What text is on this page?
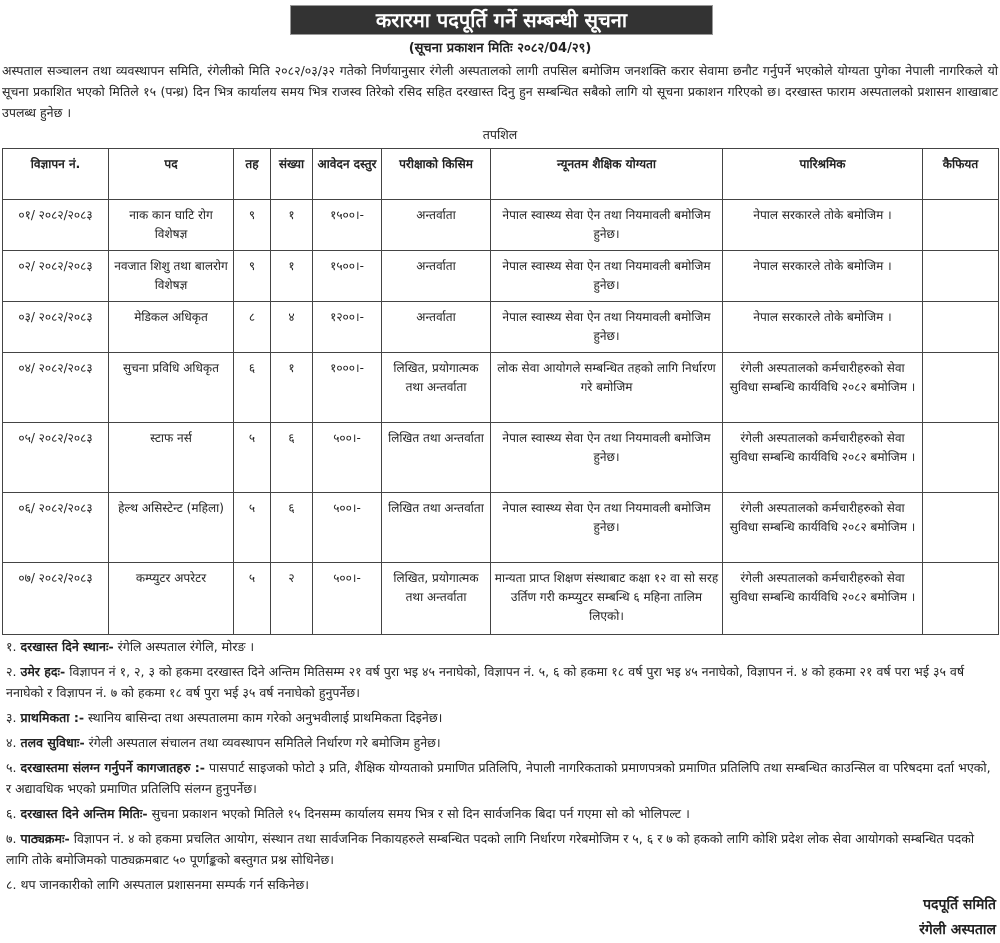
करारमा पदपूर्ति गर्ने सम्बन्धी सूचना
(सूचना प्रकाशन मितिः २०८२/04/२९)
अस्पताल सञ्चालन तथा व्यवस्थापन समिति, रंगेलीको मिति २०८२/०३/३२ गतेको निर्णयानुसार रंगेली अस्पतालको लागी तपसिल बमोजिम जनशक्ति करार सेवामा छनौट गर्नुपर्ने भएकोले योग्यता पुगेका नेपाली नागरिकले यो सूचना प्रकाशित भएको मितिले १५ (पन्ध्र) दिन भित्र कार्यालय समय भित्र राजस्व तिरेको रसिद सहित दरखास्त दिनु हुन सम्बन्धित सबैको लागि यो सूचना प्रकाशन गरिएको छ। दरखास्त फाराम अस्पतालको प्रशासन शाखाबाट उपलब्ध हुनेछ ।
तपशिल
विज्ञापन नं.	पद	तह	संख्या	आवेदन दस्तुर	परीक्षाको किसिम	न्यूनतम शैक्षिक योग्यता	पारिश्रमिक	कैफियत
०१/ २०८२/२०८३	नाक कान घाटि रोग विशेषज्ञ	९	१	१५००।-	अन्तर्वाता	नेपाल स्वास्थ्य सेवा ऐन तथा नियमावली बमोजिम हुनेछ।	नेपाल सरकारले तोके बमोजिम ।	
०२/ २०८२/२०८३	नवजात शिशु तथा बालरोग विशेषज्ञ	९	१	१५००।-	अन्तर्वाता	नेपाल स्वास्थ्य सेवा ऐन तथा नियमावली बमोजिम हुनेछ।	नेपाल सरकारले तोके बमोजिम ।	
०३/ २०८२/२०८३	मेडिकल अधिकृत	८	४	१२००।-	अन्तर्वाता	नेपाल स्वास्थ्य सेवा ऐन तथा नियमावली बमोजिम हुनेछ।	नेपाल सरकारले तोके बमोजिम ।	
०४/ २०८२/२०८३	सुचना प्रविधि अधिकृत	६	१	१०००।-	लिखित, प्रयोगात्मक तथा अन्तर्वाता	लोक सेवा आयोगले सम्बन्धित तहको लागि निर्धारण गरे बमोजिम	रंगेली अस्पतालको कर्मचारीहरुको सेवा सुविधा सम्बन्धि कार्यविधि २०८२ बमोजिम ।	
०५/ २०८२/२०८३	स्टाफ नर्स	५	६	५००।-	लिखित तथा अन्तर्वाता	नेपाल स्वास्थ्य सेवा ऐन तथा नियमावली बमोजिम हुनेछ।	रंगेली अस्पतालको कर्मचारीहरुको सेवा सुविधा सम्बन्धि कार्यविधि २०८२ बमोजिम ।	
०६/ २०८२/२०८३	हेल्थ असिस्टेन्ट (महिला)	५	६	५००।-	लिखित तथा अन्तर्वाता	नेपाल स्वास्थ्य सेवा ऐन तथा नियमावली बमोजिम हुनेछ।	रंगेली अस्पतालको कर्मचारीहरुको सेवा सुविधा सम्बन्धि कार्यविधि २०८२ बमोजिम ।	
०७/ २०८२/२०८३	कम्प्युटर अपरेटर	५	२	५००।-	लिखित, प्रयोगात्मक तथा अन्तर्वाता	मान्यता प्राप्त शिक्षण संस्थाबाट कक्षा १२ वा सो सरह उर्तिण गरी कम्प्युटर सम्बन्धि ६ महिना तालिम लिएको।	रंगेली अस्पतालको कर्मचारीहरुको सेवा सुविधा सम्बन्धि कार्यविधि २०८२ बमोजिम ।	
१. दरखास्त दिने स्थानः- रंगेलि अस्पताल रंगेलि, मोरङ ।
२. उमेर हदः- विज्ञापन नं १, २, ३ को हकमा दरखास्त दिने अन्तिम मितिसम्म २१ वर्ष पुरा भइ ४५ ननाघेको, विज्ञापन नं. ५, ६ को हकमा १८ वर्ष पुरा भइ ४५ ननाघेको, विज्ञापन नं. ४ को हकमा २१ वर्ष परा भई ३५ वर्ष ननाघेको र विज्ञापन नं. ७ को हकमा १८ वर्ष पुरा भई ३५ वर्ष ननाघेको हुनुपर्नेछ।
३. प्राथमिकता :- स्थानिय बासिन्दा तथा अस्पतालमा काम गरेको अनुभवीलाई प्राथमिकता दिइनेछ।
४. तलव सुविधाः- रंगेली अस्पताल संचालन तथा व्यवस्थापन समितिले निर्धारण गरे बमोजिम हुनेछ।
५. दरखास्तमा संलग्न गर्नुपर्ने कागजातहरु :- पासपार्ट साइजको फोटो ३ प्रति, शैक्षिक योग्यताको प्रमाणित प्रतिलिपि, नेपाली नागरिकताको प्रमाणपत्रको प्रमाणित प्रतिलिपि तथा सम्बन्धित काउन्सिल वा परिषदमा दर्ता भएको, र अद्यावधिक भएको प्रमाणित प्रतिलिपि संलग्न हुनुपर्नेछ।
६. दरखास्त दिने अन्तिम मितिः- सुचना प्रकाशन भएको मितिले १५ दिनसम्म कार्यालय समय भित्र र सो दिन सार्वजनिक बिदा पर्न गएमा सो को भोलिपल्ट ।
७. पाठ्यक्रमः- विज्ञापन नं. ४ को हकमा प्रचलित आयोग, संस्थान तथा सार्वजनिक निकायहरुले सम्बन्धित पदको लागि निर्धारण गरेबमोजिम र ५, ६ र ७ को हकको लागि कोशि प्रदेश लोक सेवा आयोगको सम्बन्धित पदको लागि तोके बमोजिमको पाठ्यक्रमबाट ५० पूर्णाङ्कको बस्तुगत प्रश्न सोधिनेछ।
८. थप जानकारीको लागि अस्पताल प्रशासनमा सम्पर्क गर्न सकिनेछ।
पदपूर्ति समिति
रंगेली अस्पताल
